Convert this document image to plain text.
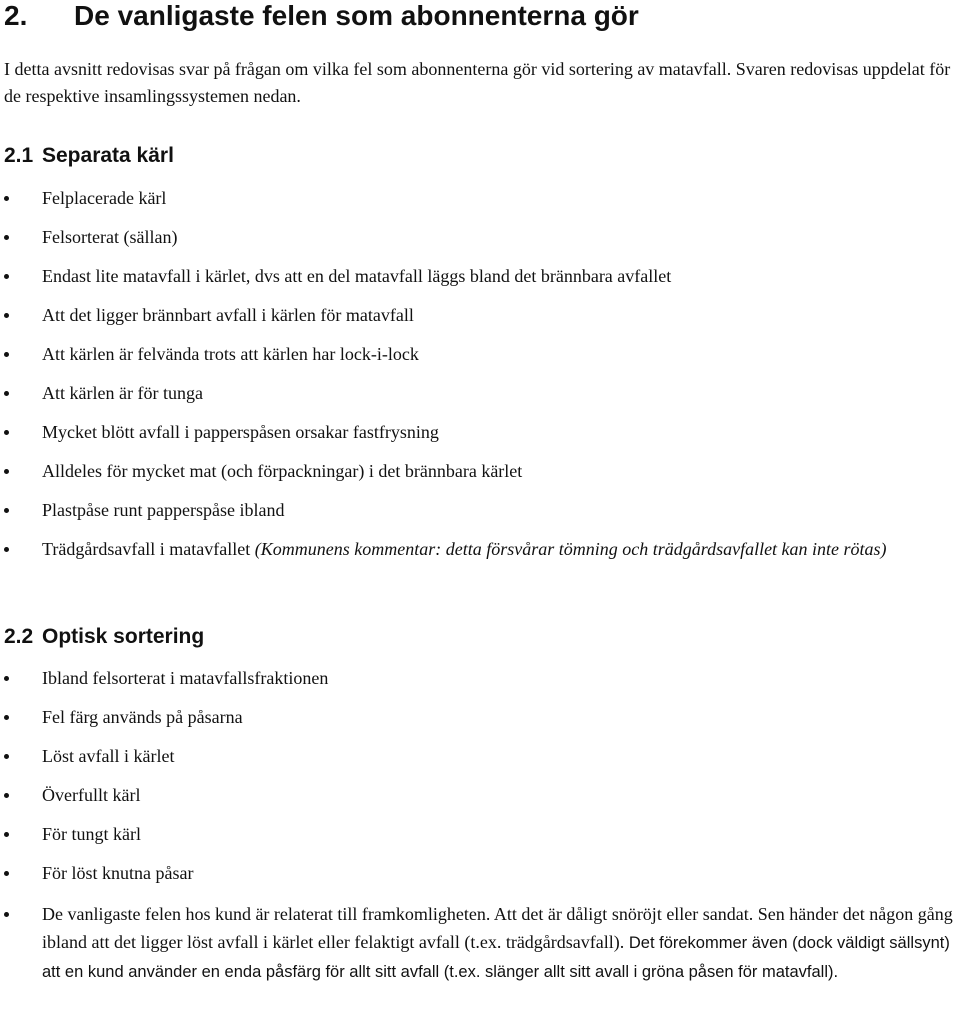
2. De vanligaste felen som abonnenterna gör

I detta avsnitt redovisas svar på frågan om vilka fel som abonnenterna gör vid sortering av matavfall. Svaren redovisas uppdelat för de respektive insamlingssystemen nedan.

2.1 Separata kärl
Felplacerade kärl
Felsorterat (sällan)
Endast lite matavfall i kärlet, dvs att en del matavfall läggs bland det brännbara avfallet
Att det ligger brännbart avfall i kärlen för matavfall
Att kärlen är felvända trots att kärlen har lock-i-lock
Att kärlen är för tunga
Mycket blött avfall i papperspåsen orsakar fastfrysning
Alldeles för mycket mat (och förpackningar) i det brännbara kärlet
Plastpåse runt papperspåse ibland
Trädgårdsavfall i matavfallet (Kommunens kommentar: detta försvårar tömning och trädgårdsavfallet kan inte rötas)
2.2 Optisk sortering
Ibland felsorterat i matavfallsfraktionen
Fel färg används på påsarna
Löst avfall i kärlet
Överfullt kärl
För tungt kärl
För löst knutna påsar

De vanligaste felen hos kund är relaterat till framkomligheten. Att det är dåligt snöröjt eller sandat. Sen händer det någon gång ibland att det ligger löst avfall i kärlet eller felaktigt avfall (t.ex. trädgårdsavfall). Det förekommer även (dock väldigt sällsynt) att en kund använder en enda påsfärg för allt sitt avfall (t.ex. slänger allt sitt avall i gröna påsen för matavfall).
